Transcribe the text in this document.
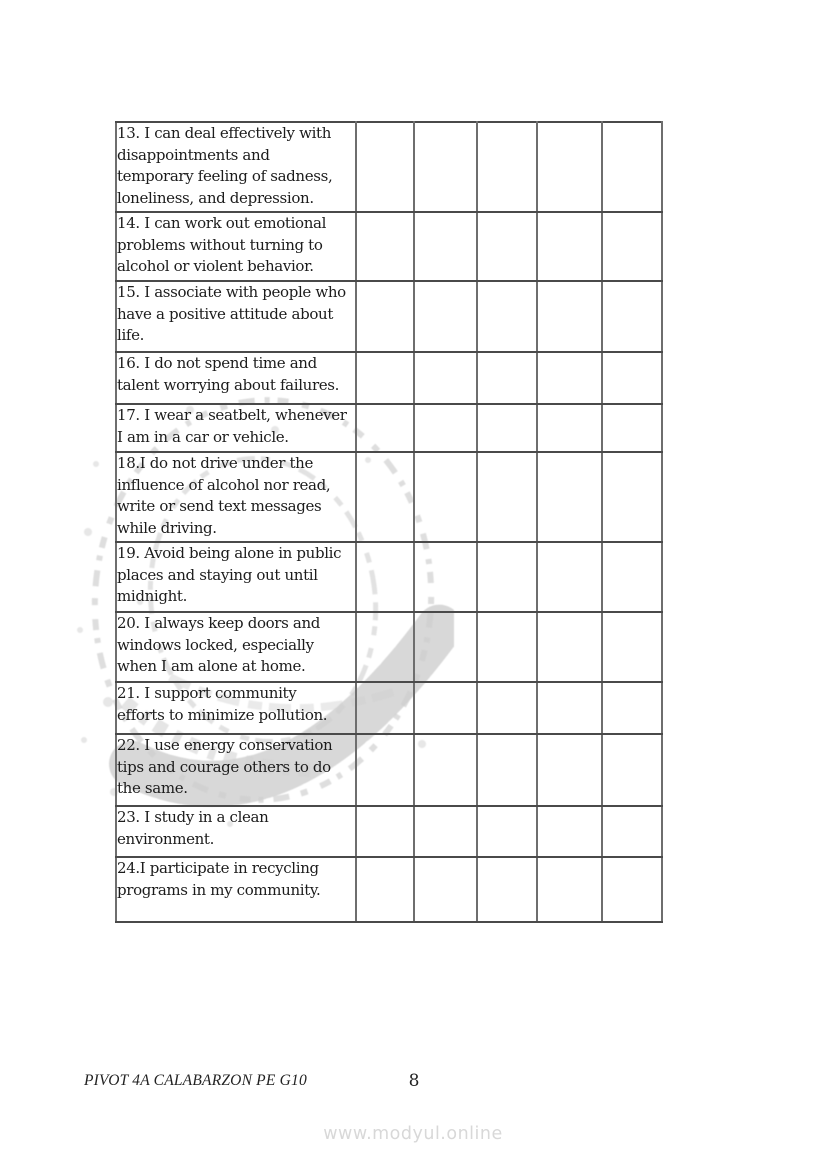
13. I can deal effectively with
disappointments and
temporary feeling of sadness,
loneliness, and depression.					

14. I can work out emotional
problems without turning to
alcohol or violent behavior.					

15. I associate with people who
have a positive attitude about
life.					

16. I do not spend time and
talent worrying about failures.					

17. I wear a seatbelt, whenever
I am in a car or vehicle.					

18.I do not drive under the
influence of alcohol nor read,
write or send text messages
while driving.					

19. Avoid being alone in public
places and staying out until
midnight.					

20. I always keep doors and
windows locked, especially
when I am alone at home.					

21. I support community
efforts to minimize pollution.					

22. I use energy conservation
tips and courage others to do
the same.					

23. I study in a clean
environment.					

24.I participate in recycling
programs in my community.					

PIVOT 4A CALABARZON PE G10	8
www.modyul.online
